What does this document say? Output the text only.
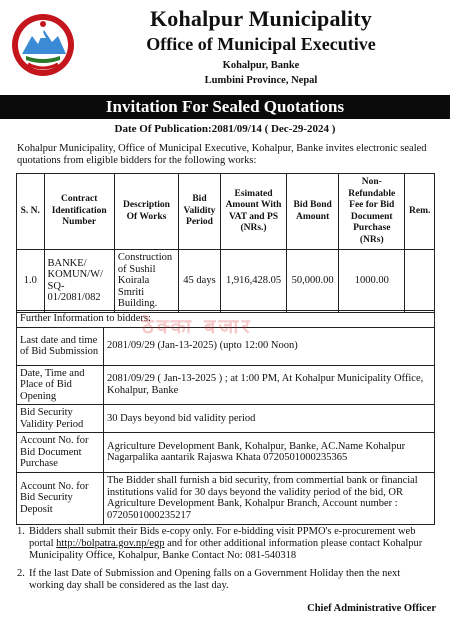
Kohalpur Municipality
Office of Municipal Executive
Kohalpur, Banke
Lumbini Province, Nepal
Invitation For Sealed Quotations
Date Of Publication:2081/09/14 ( Dec-29-2024 )
Kohalpur Municipality, Office of Municipal Executive, Kohalpur, Banke invites electronic sealed quotations from eligible bidders for the following works:
S. N.	Contract Identification Number	Description Of Works	Bid Validity Period	Esimated Amount With VAT and PS (NRs.)	Bid Bond Amount	Non-Refundable Fee for Bid Document Purchase (NRs)	Rem.
1.0	BANKE/ KOMUN/W/ SQ- 01/2081/082	Construction of Sushil Koirala Smriti Building.	45 days	1,916,428.05	50,000.00	1000.00	
Further Information to bidders:	
Last date and time of Bid Submission	2081/09/29 (Jan-13-2025) (upto 12:00 Noon)
Date, Time and Place of Bid Opening	2081/09/29 ( Jan-13-2025 ) ; at 1:00 PM, At Kohalpur Municipality Office, Kohalpur, Banke
Bid Security Validity Period	30 Days beyond bid validity period
Account No. for Bid Document Purchase	Agriculture Development Bank, Kohalpur, Banke, AC.Name Kohalpur Nagarpalika aantarik Rajaswa Khata 0720501000235365
Account No. for Bid Security Deposit	The Bidder shall furnish a bid security, from commertial bank or financial institutions valid for 30 days beyond the validity period of the bid, OR Agriculture Development Bank, Kohalpur Branch, Account number : 0720501000235217
ठेक्का बजार
1. Bidders shall submit their Bids e-copy only. For e-bidding visit PPMO's e-procurement web portal http://bolpatra.gov.np/egp and for other additional information please contact Kohalpur Municipality Office, Kohalpur, Banke Contact No: 081-540318
2. If the last Date of Submission and Opening falls on a Government Holiday then the next working day shall be considered as the last day.
Chief Administrative Officer
